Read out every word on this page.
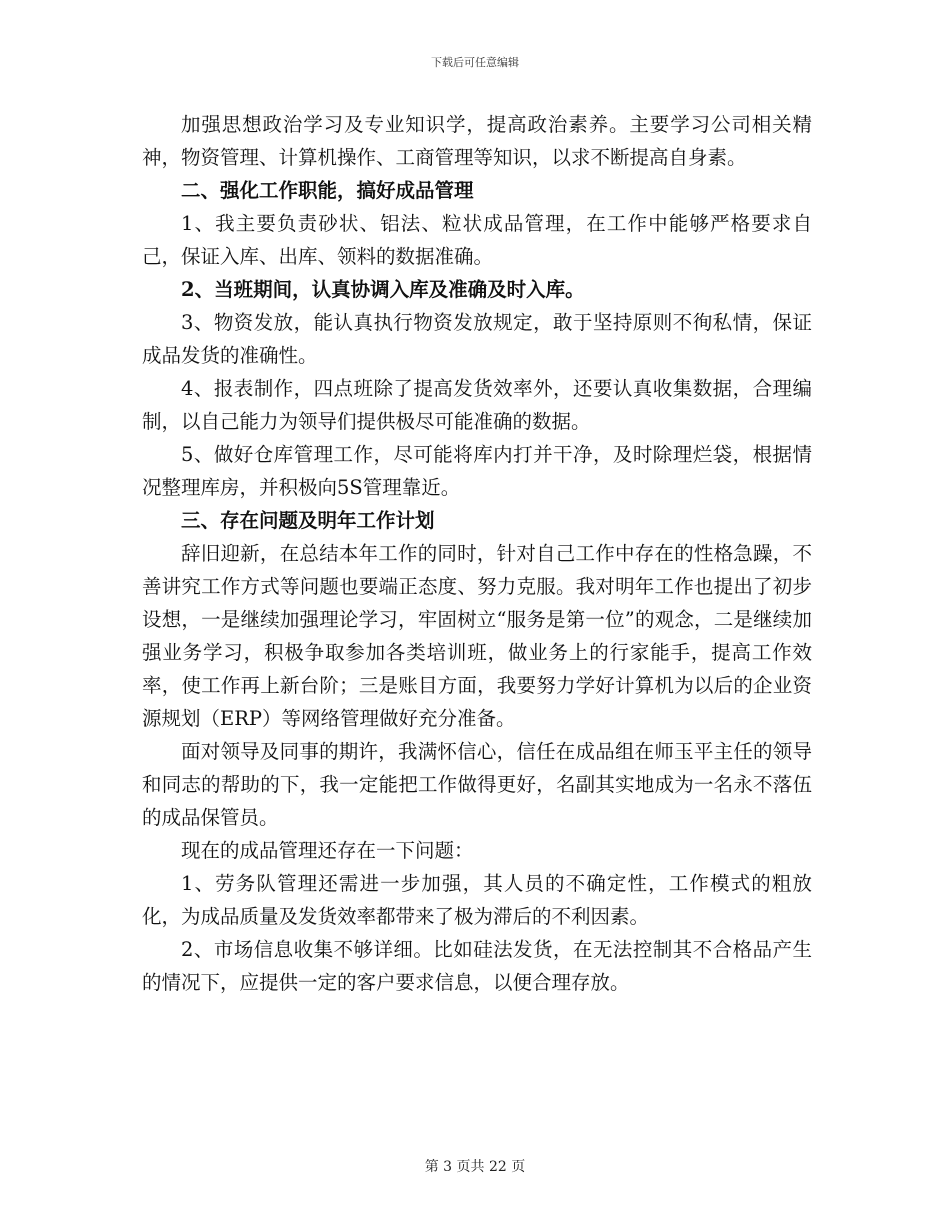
下载后可任意编辑

加强思想政治学习及专业知识学，提高政治素养。主要学习公司相关精神，物资管理、计算机操作、工商管理等知识，以求不断提高自身素。

二、强化工作职能，搞好成品管理

1、我主要负责砂状、铝法、粒状成品管理，在工作中能够严格要求自己，保证入库、出库、领料的数据准确。

2、当班期间，认真协调入库及准确及时入库。

3、物资发放，能认真执行物资发放规定，敢于坚持原则不徇私情，保证成品发货的准确性。

4、报表制作，四点班除了提高发货效率外，还要认真收集数据，合理编制，以自己能力为领导们提供极尽可能准确的数据。

5、做好仓库管理工作，尽可能将库内打并干净，及时除理烂袋，根据情况整理库房，并积极向5S管理靠近。

三、存在问题及明年工作计划

辞旧迎新，在总结本年工作的同时，针对自己工作中存在的性格急躁，不善讲究工作方式等问题也要端正态度、努力克服。我对明年工作也提出了初步设想，一是继续加强理论学习，牢固树立“服务是第一位”的观念，二是继续加强业务学习，积极争取参加各类培训班，做业务上的行家能手，提高工作效率，使工作再上新台阶；三是账目方面，我要努力学好计算机为以后的企业资源规划（ERP）等网络管理做好充分准备。

面对领导及同事的期许，我满怀信心，信任在成品组在师玉平主任的领导和同志的帮助的下，我一定能把工作做得更好，名副其实地成为一名永不落伍的成品保管员。

现在的成品管理还存在一下问题：

1、劳务队管理还需进一步加强，其人员的不确定性，工作模式的粗放化，为成品质量及发货效率都带来了极为滞后的不利因素。

2、市场信息收集不够详细。比如硅法发货，在无法控制其不合格品产生的情况下，应提供一定的客户要求信息，以便合理存放。

第 3 页共 22 页
